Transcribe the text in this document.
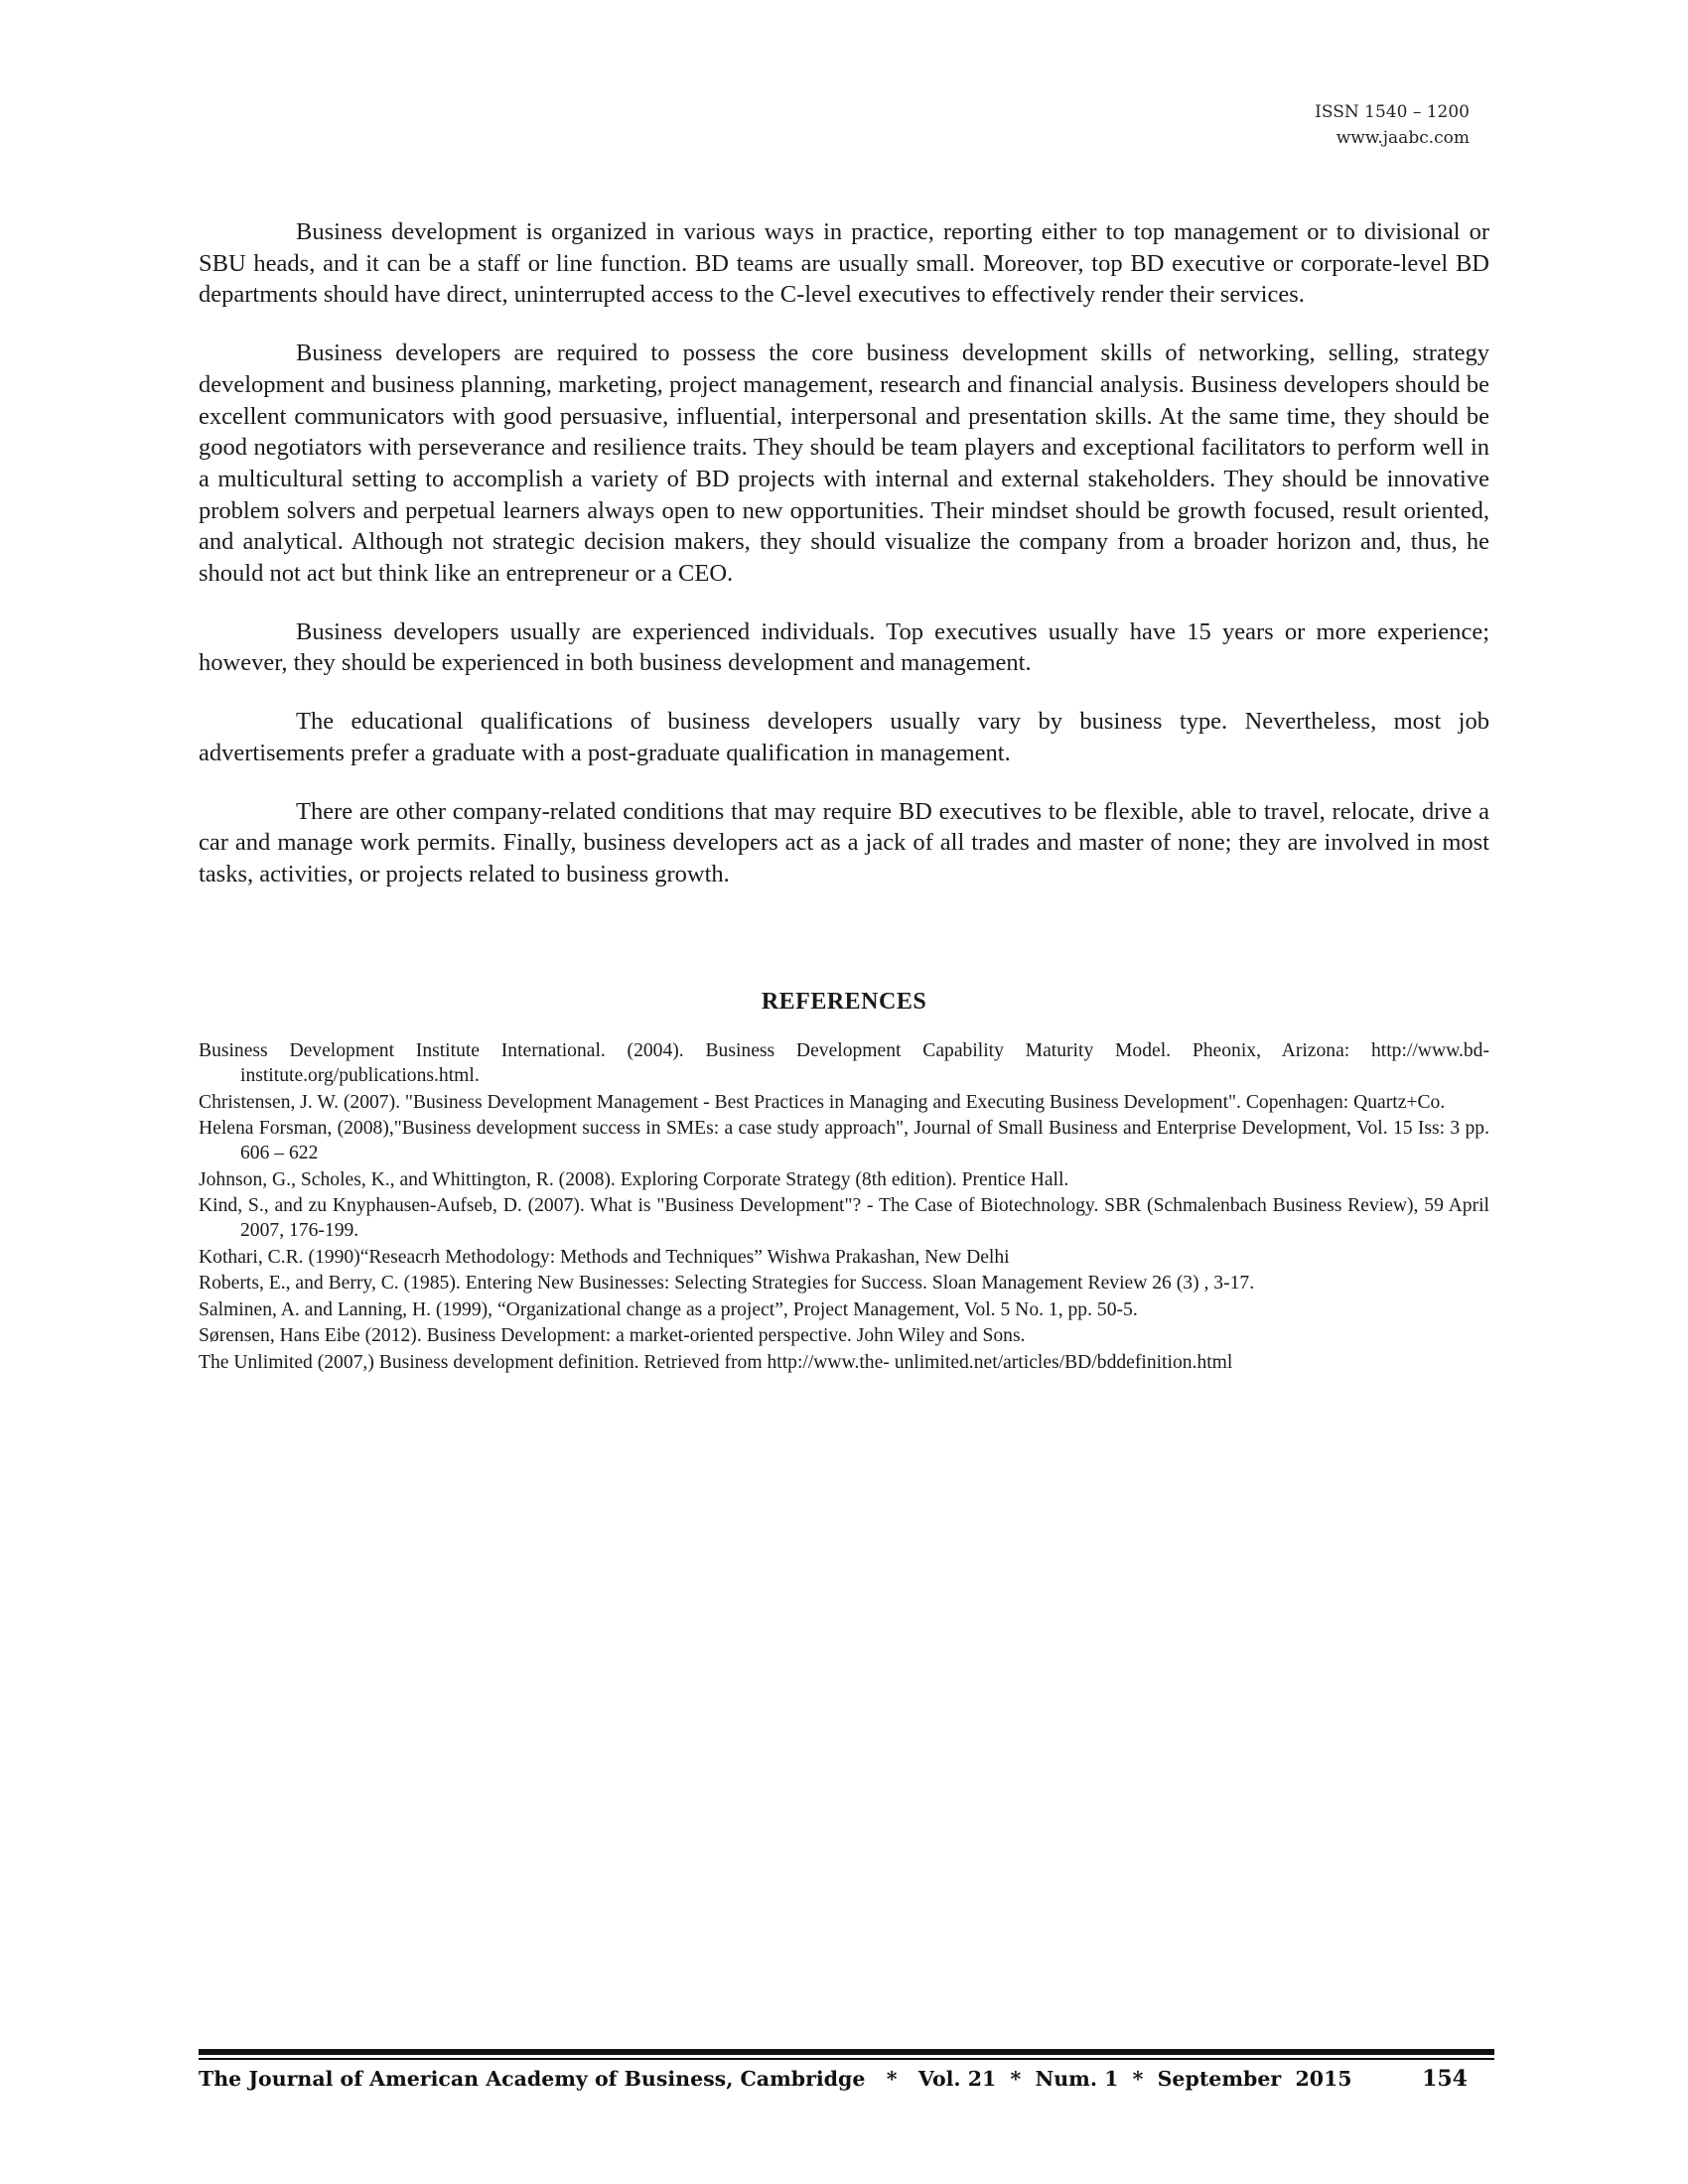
ISSN 1540 – 1200
www.jaabc.com

Business development is organized in various ways in practice, reporting either to top management or to divisional or SBU heads, and it can be a staff or line function. BD teams are usually small. Moreover, top BD executive or corporate-level BD departments should have direct, uninterrupted access to the C-level executives to effectively render their services.

Business developers are required to possess the core business development skills of networking, selling, strategy development and business planning, marketing, project management, research and financial analysis. Business developers should be excellent communicators with good persuasive, influential, interpersonal and presentation skills. At the same time, they should be good negotiators with perseverance and resilience traits. They should be team players and exceptional facilitators to perform well in a multicultural setting to accomplish a variety of BD projects with internal and external stakeholders. They should be innovative problem solvers and perpetual learners always open to new opportunities. Their mindset should be growth focused, result oriented, and analytical. Although not strategic decision makers, they should visualize the company from a broader horizon and, thus, he should not act but think like an entrepreneur or a CEO.

Business developers usually are experienced individuals. Top executives usually have 15 years or more experience; however, they should be experienced in both business development and management.

The educational qualifications of business developers usually vary by business type. Nevertheless, most job advertisements prefer a graduate with a post-graduate qualification in management.

There are other company-related conditions that may require BD executives to be flexible, able to travel, relocate, drive a car and manage work permits. Finally, business developers act as a jack of all trades and master of none; they are involved in most tasks, activities, or projects related to business growth.

REFERENCES

Business Development Institute International. (2004). Business Development Capability Maturity Model. Pheonix, Arizona: http://www.bd-institute.org/publications.html.

Christensen, J. W. (2007). "Business Development Management - Best Practices in Managing and Executing Business Development". Copenhagen: Quartz+Co.

Helena Forsman, (2008),"Business development success in SMEs: a case study approach", Journal of Small Business and Enterprise Development, Vol. 15 Iss: 3 pp. 606 – 622

Johnson, G., Scholes, K., and Whittington, R. (2008). Exploring Corporate Strategy (8th edition). Prentice Hall.

Kind, S., and zu Knyphausen-Aufseb, D. (2007). What is "Business Development"? - The Case of Biotechnology. SBR (Schmalenbach Business Review), 59 April 2007, 176-199.

Kothari, C.R. (1990)“Reseacrh Methodology: Methods and Techniques” Wishwa Prakashan, New Delhi

Roberts, E., and Berry, C. (1985). Entering New Businesses: Selecting Strategies for Success. Sloan Management Review 26 (3) , 3-17.

Salminen, A. and Lanning, H. (1999), “Organizational change as a project”, Project Management, Vol. 5 No. 1, pp. 50-5.

Sørensen, Hans Eibe (2012). Business Development: a market-oriented perspective. John Wiley and Sons.

The Unlimited (2007,) Business development definition. Retrieved from http://www.the- unlimited.net/articles/BD/bddefinition.html

The Journal of American Academy of Business, Cambridge   *   Vol. 21  *  Num. 1  *  September  2015	154
